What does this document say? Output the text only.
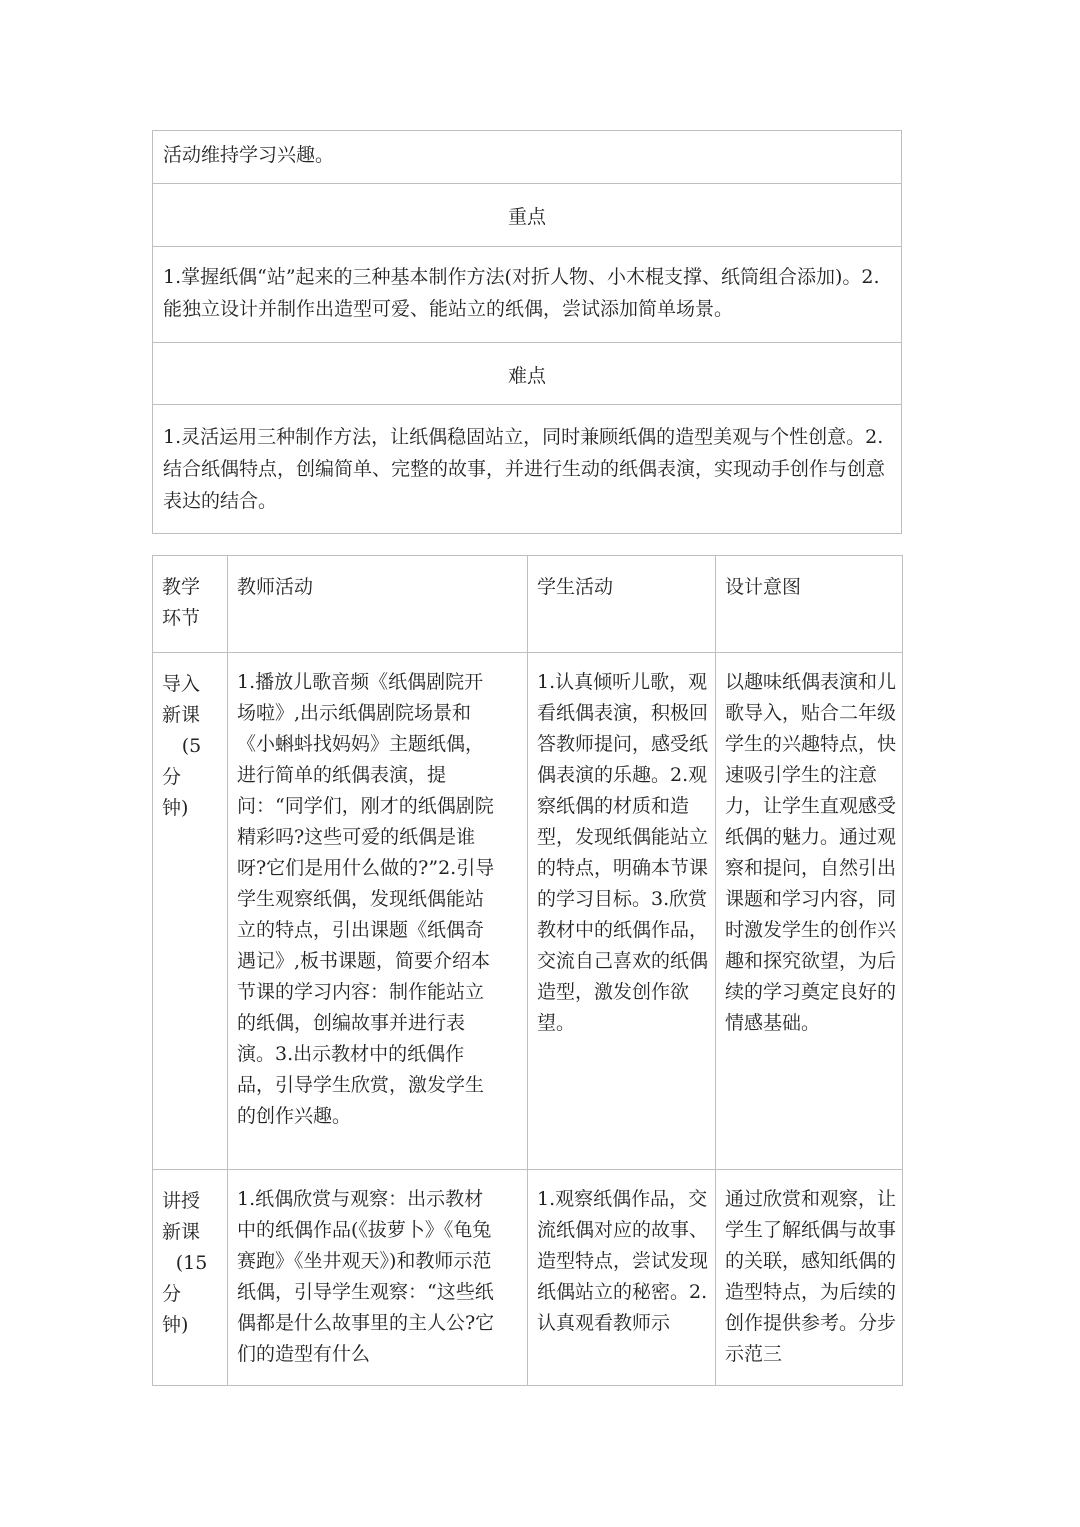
活动维持学习兴趣。

重点

1.掌握纸偶“站”起来的三种基本制作方法(对折人物、小木棍支撑、纸筒组合添加)。2.能独立设计并制作出造型可爱、能站立的纸偶，尝试添加简单场景。

难点

1.灵活运用三种制作方法，让纸偶稳固站立，同时兼顾纸偶的造型美观与个性创意。2.结合纸偶特点，创编简单、完整的故事，并进行生动的纸偶表演，实现动手创作与创意表达的结合。
教学环节	教师活动	学生活动	设计意图

导入新课
(5
分
钟)	1.播放儿歌音频《纸偶剧院开场啦》,出示纸偶剧院场景和《小蝌蚪找妈妈》主题纸偶，进行简单的纸偶表演，提问：“同学们，刚才的纸偶剧院精彩吗?这些可爱的纸偶是谁呀?它们是用什么做的?”2.引导学生观察纸偶，发现纸偶能站立的特点，引出课题《纸偶奇遇记》,板书课题，简要介绍本节课的学习内容：制作能站立的纸偶，创编故事并进行表演。3.出示教材中的纸偶作品，引导学生欣赏，激发学生的创作兴趣。	1.认真倾听儿歌，观看纸偶表演，积极回答教师提问，感受纸偶表演的乐趣。2.观察纸偶的材质和造型，发现纸偶能站立的特点，明确本节课的学习目标。3.欣赏教材中的纸偶作品，交流自己喜欢的纸偶造型，激发创作欲望。	以趣味纸偶表演和儿歌导入，贴合二年级学生的兴趣特点，快速吸引学生的注意力，让学生直观感受纸偶的魅力。通过观察和提问，自然引出课题和学习内容，同时激发学生的创作兴趣和探究欲望，为后续的学习奠定良好的情感基础。

讲授新课
(15
分
钟)	1.纸偶欣赏与观察：出示教材中的纸偶作品(《拔萝卜》《龟兔赛跑》《坐井观天》)和教师示范纸偶，引导学生观察：“这些纸偶都是什么故事里的主人公?它们的造型有什么	1.观察纸偶作品，交流纸偶对应的故事、造型特点，尝试发现纸偶站立的秘密。2.认真观看教师示	通过欣赏和观察，让学生了解纸偶与故事的关联，感知纸偶的造型特点，为后续的创作提供参考。分步示范三
